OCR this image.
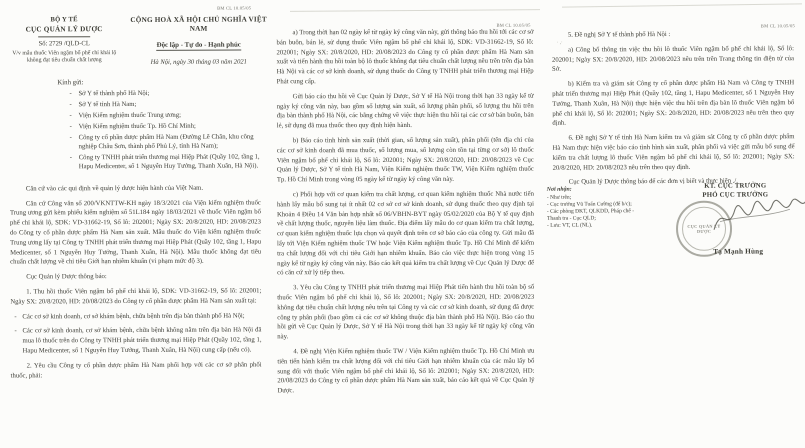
BM CL 10.05/05
BỘ Y TẾ
CỤC QUẢN LÝ DƯỢC
Số: 2729 /QLD-CL
V/v mẫu thuốc Viên ngậm bổ phế chỉ khái lộ không đạt tiêu chuẩn chất lượng
CỘNG HOÀ XÃ HỘI CHỦ NGHĨA VIỆT NAM
Độc lập - Tự do - Hạnh phúc
Hà Nội, ngày 30 tháng 03 năm 2021
Kính gửi:
- Sở Y tế thành phố Hà Nội;
- Sở Y tế tỉnh Hà Nam;
- Viện Kiểm nghiệm thuốc Trung ương;
- Viện Kiểm nghiệm thuốc Tp. Hồ Chí Minh;
- Công ty cổ phần dược phẩm Hà Nam (Đường Lê Chân, khu công nghiệp Châu Sơn, thành phố Phủ Lý, tỉnh Hà Nam);
- Công ty TNHH phát triển thương mại Hiệp Phát (Quầy 102, tầng 1, Hapu Medicenter, số 1 Nguyễn Huy Tưởng, Thanh Xuân, Hà Nội).

Căn cứ vào các qui định về quản lý dược hiện hành của Việt Nam.

Căn cứ Công văn số 200/VKNTTW-KH ngày 18/3/2021 của Viện kiểm nghiệm thuốc Trung ương gửi kèm phiếu kiểm nghiệm số 51L184 ngày 18/03/2021 về thuốc Viên ngậm bổ phế chỉ khái lộ, SDK: VD-31662-19, Số lô: 202001; Ngày SX: 20/8/2020, HD: 20/08/2023 do Công ty cổ phần dược phẩm Hà Nam sản xuất. Mẫu thuốc do Viện kiểm nghiệm thuốc Trung ương lấy tại Công ty TNHH phát triển thương mại Hiệp Phát (Quầy 102, tầng 1, Hapu Medicenter, số 1 Nguyễn Huy Tưởng, Thanh Xuân, Hà Nội). Mẫu thuốc không đạt tiêu chuẩn chất lượng về chỉ tiêu Giới hạn nhiễm khuẩn (vi phạm mức độ 3).

Cục Quản lý Dược thông báo:

1. Thu hồi thuốc Viên ngậm bổ phế chỉ khái lộ, SDK: VD-31662-19, Số lô: 202001; Ngày SX: 20/8/2020, HD: 20/08/2023 do Công ty cổ phần dược phẩm Hà Nam sản xuất tại:

- Các cơ sở kinh doanh, cơ sở khám bệnh, chữa bệnh trên địa bàn thành phố Hà Nội;

- Các cơ sở kinh doanh, cơ sở khám bệnh, chữa bệnh không nằm trên địa bàn Hà Nội đã mua lô thuốc trên do Công ty TNHH phát triển thương mại Hiệp Phát (Quầy 102, tầng 1, Hapu Medicenter, số 1 Nguyễn Huy Tưởng, Thanh Xuân, Hà Nội) cung cấp (nếu có).

2. Yêu cầu Công ty cổ phần dược phẩm Hà Nam phối hợp với các cơ sở phân phối thuốc, phải:

BM CL 10.05/05

a) Trong thời hạn 02 ngày kể từ ngày ký công văn này, gửi thông báo thu hồi tới các cơ sở bán buôn, bán lẻ, sử dụng thuốc Viên ngậm bổ phế chỉ khái lộ, SDK: VD-31662-19, Số lô: 202001; Ngày SX: 20/8/2020, HD: 20/08/2023 do Công ty cổ phần dược phẩm Hà Nam sản xuất và tiến hành thu hồi toàn bộ lô thuốc không đạt tiêu chuẩn chất lượng nêu trên trên địa bàn Hà Nội và các cơ sở kinh doanh, sử dụng thuốc do Công ty TNHH phát triển thương mại Hiệp Phát cung cấp.

Gửi báo cáo thu hồi về Cục Quản lý Dược, Sở Y tế Hà Nội trong thời hạn 33 ngày kể từ ngày ký công văn này, bao gồm số lượng sản xuất, số lượng phân phối, số lượng thu hồi trên địa bàn thành phố Hà Nội, các bằng chứng về việc thực hiện thu hồi tại các cơ sở bán buôn, bán lẻ, sử dụng đã mua thuốc theo quy định hiện hành.

b) Báo cáo tình hình sản xuất (thời gian, số lượng sản xuất), phân phối (tên địa chỉ của các cơ sở kinh doanh đã mua thuốc, số lượng mua, số lượng còn tồn tại từng cơ sở) lô thuốc Viên ngậm bổ phế chỉ khái lộ, Số lô: 202001; Ngày SX: 20/8/2020, HD: 20/08/2023 về Cục Quản lý Dược, Sở Y tế tỉnh Hà Nam, Viện Kiểm nghiệm thuốc TW, Viện Kiểm nghiệm thuốc Tp. Hồ Chí Minh trong vòng 05 ngày kể từ ngày ký công văn này.

c) Phối hợp với cơ quan kiểm tra chất lượng, cơ quan kiểm nghiệm thuốc Nhà nước tiến hành lấy mẫu bổ sung tại ít nhất 02 cơ sở cơ sở kinh doanh, sử dụng thuốc theo quy định tại Khoản 4 Điều 14 Văn bản hợp nhất số 06/VBHN-BYT ngày 05/02/2020 của Bộ Y tế quy định về chất lượng thuốc, nguyên liệu làm thuốc. Địa điểm lấy mẫu do cơ quan kiểm tra chất lượng, cơ quan kiểm nghiệm thuốc lựa chọn và quyết định trên cơ sở báo cáo của công ty. Gửi mẫu đã lấy tới Viện Kiểm nghiệm thuốc TW hoặc Viện Kiểm nghiệm thuốc Tp. Hồ Chí Minh để kiểm tra chất lượng đối với chỉ tiêu Giới hạn nhiễm khuẩn. Báo cáo việc thực hiện trong vòng 15 ngày kể từ ngày ký công văn này. Báo cáo kết quả kiểm tra chất lượng về Cục Quản lý Dược để có căn cứ xử lý tiếp theo.

3. Yêu cầu Công ty TNHH phát triển thương mại Hiệp Phát tiến hành thu hồi toàn bộ số thuốc Viên ngậm bổ phế chỉ khái lộ, Số lô: 202001; Ngày SX: 20/8/2020, HD: 20/08/2023 không đạt tiêu chuẩn chất lượng nêu trên tại Công ty và các cơ sở kinh doanh, sử dụng đã được công ty phân phối (bao gồm cả các cơ sở không thuộc địa bàn thành phố Hà Nội). Báo cáo thu hồi gửi về Cục Quản lý Dược, Sở Y tế Hà Nội trong thời hạn 33 ngày kể từ ngày ký công văn này.

4. Đề nghị Viện Kiểm nghiệm thuốc TW / Viện Kiểm nghiệm thuốc Tp. Hồ Chí Minh ưu tiên tiến hành kiểm tra chất lượng đối với chỉ tiêu Giới hạn nhiễm khuẩn của các mẫu lấy bổ sung đối với thuốc Viên ngậm bổ phế chỉ khái lộ, Số lô: 202001; Ngày SX: 20/8/2020, HD: 20/08/2023 do Công ty cổ phần dược phẩm Hà Nam sản xuất, báo cáo kết quả về Cục Quản lý Dược.

BM CL 10.05/05
· ,·

5. Đề nghị Sở Y tế thành phố Hà Nội :

a) Công bố thông tin việc thu hồi lô thuốc Viên ngậm bổ phế chỉ khái lộ, Số lô: 202001; Ngày SX: 20/8/2020, HD: 20/08/2023 nêu trên trên Trang thông tin điện tử của Sở.

b) Kiểm tra và giám sát Công ty cổ phần dược phẩm Hà Nam và Công ty TNHH phát triển thương mại Hiệp Phát (Quầy 102, tầng 1, Hapu Medicenter, số 1 Nguyễn Huy Tưởng, Thanh Xuân, Hà Nội) thực hiện việc thu hồi trên địa bàn lô thuốc Viên ngậm bổ phế chỉ khái lộ, Số lô: 202001; Ngày SX: 20/8/2020, HD: 20/08/2023 nêu trên theo quy định.

6. Đề nghị Sở Y tế tỉnh Hà Nam kiểm tra và giám sát Công ty cổ phần dược phẩm Hà Nam thực hiện việc báo cáo tình hình sản xuất, phân phối và việc gửi mẫu bổ sung để kiểm tra chất lượng lô thuốc Viên ngậm bổ phế chỉ khái lộ, Số lô: 202001; Ngày SX: 20/8/2020, HD: 20/08/2023 nêu trên theo quy định.

Cục Quản lý Dược thông báo để các đơn vị biết và thực hiện ./.

Nơi nhận:

- Như trên;

- Cục trưởng Vũ Tuấn Cường (để b/c);

- Các phòng ĐKT, QLKDD, Pháp chế -

Thanh tra - Cục QLD;

- Lưu: VT, CL (NL).

KT. CỤC TRƯỞNG
PHÓ CỤC TRƯỞNG
CỤC QUẢN LÝ DƯỢC
Tạ Mạnh Hùng
